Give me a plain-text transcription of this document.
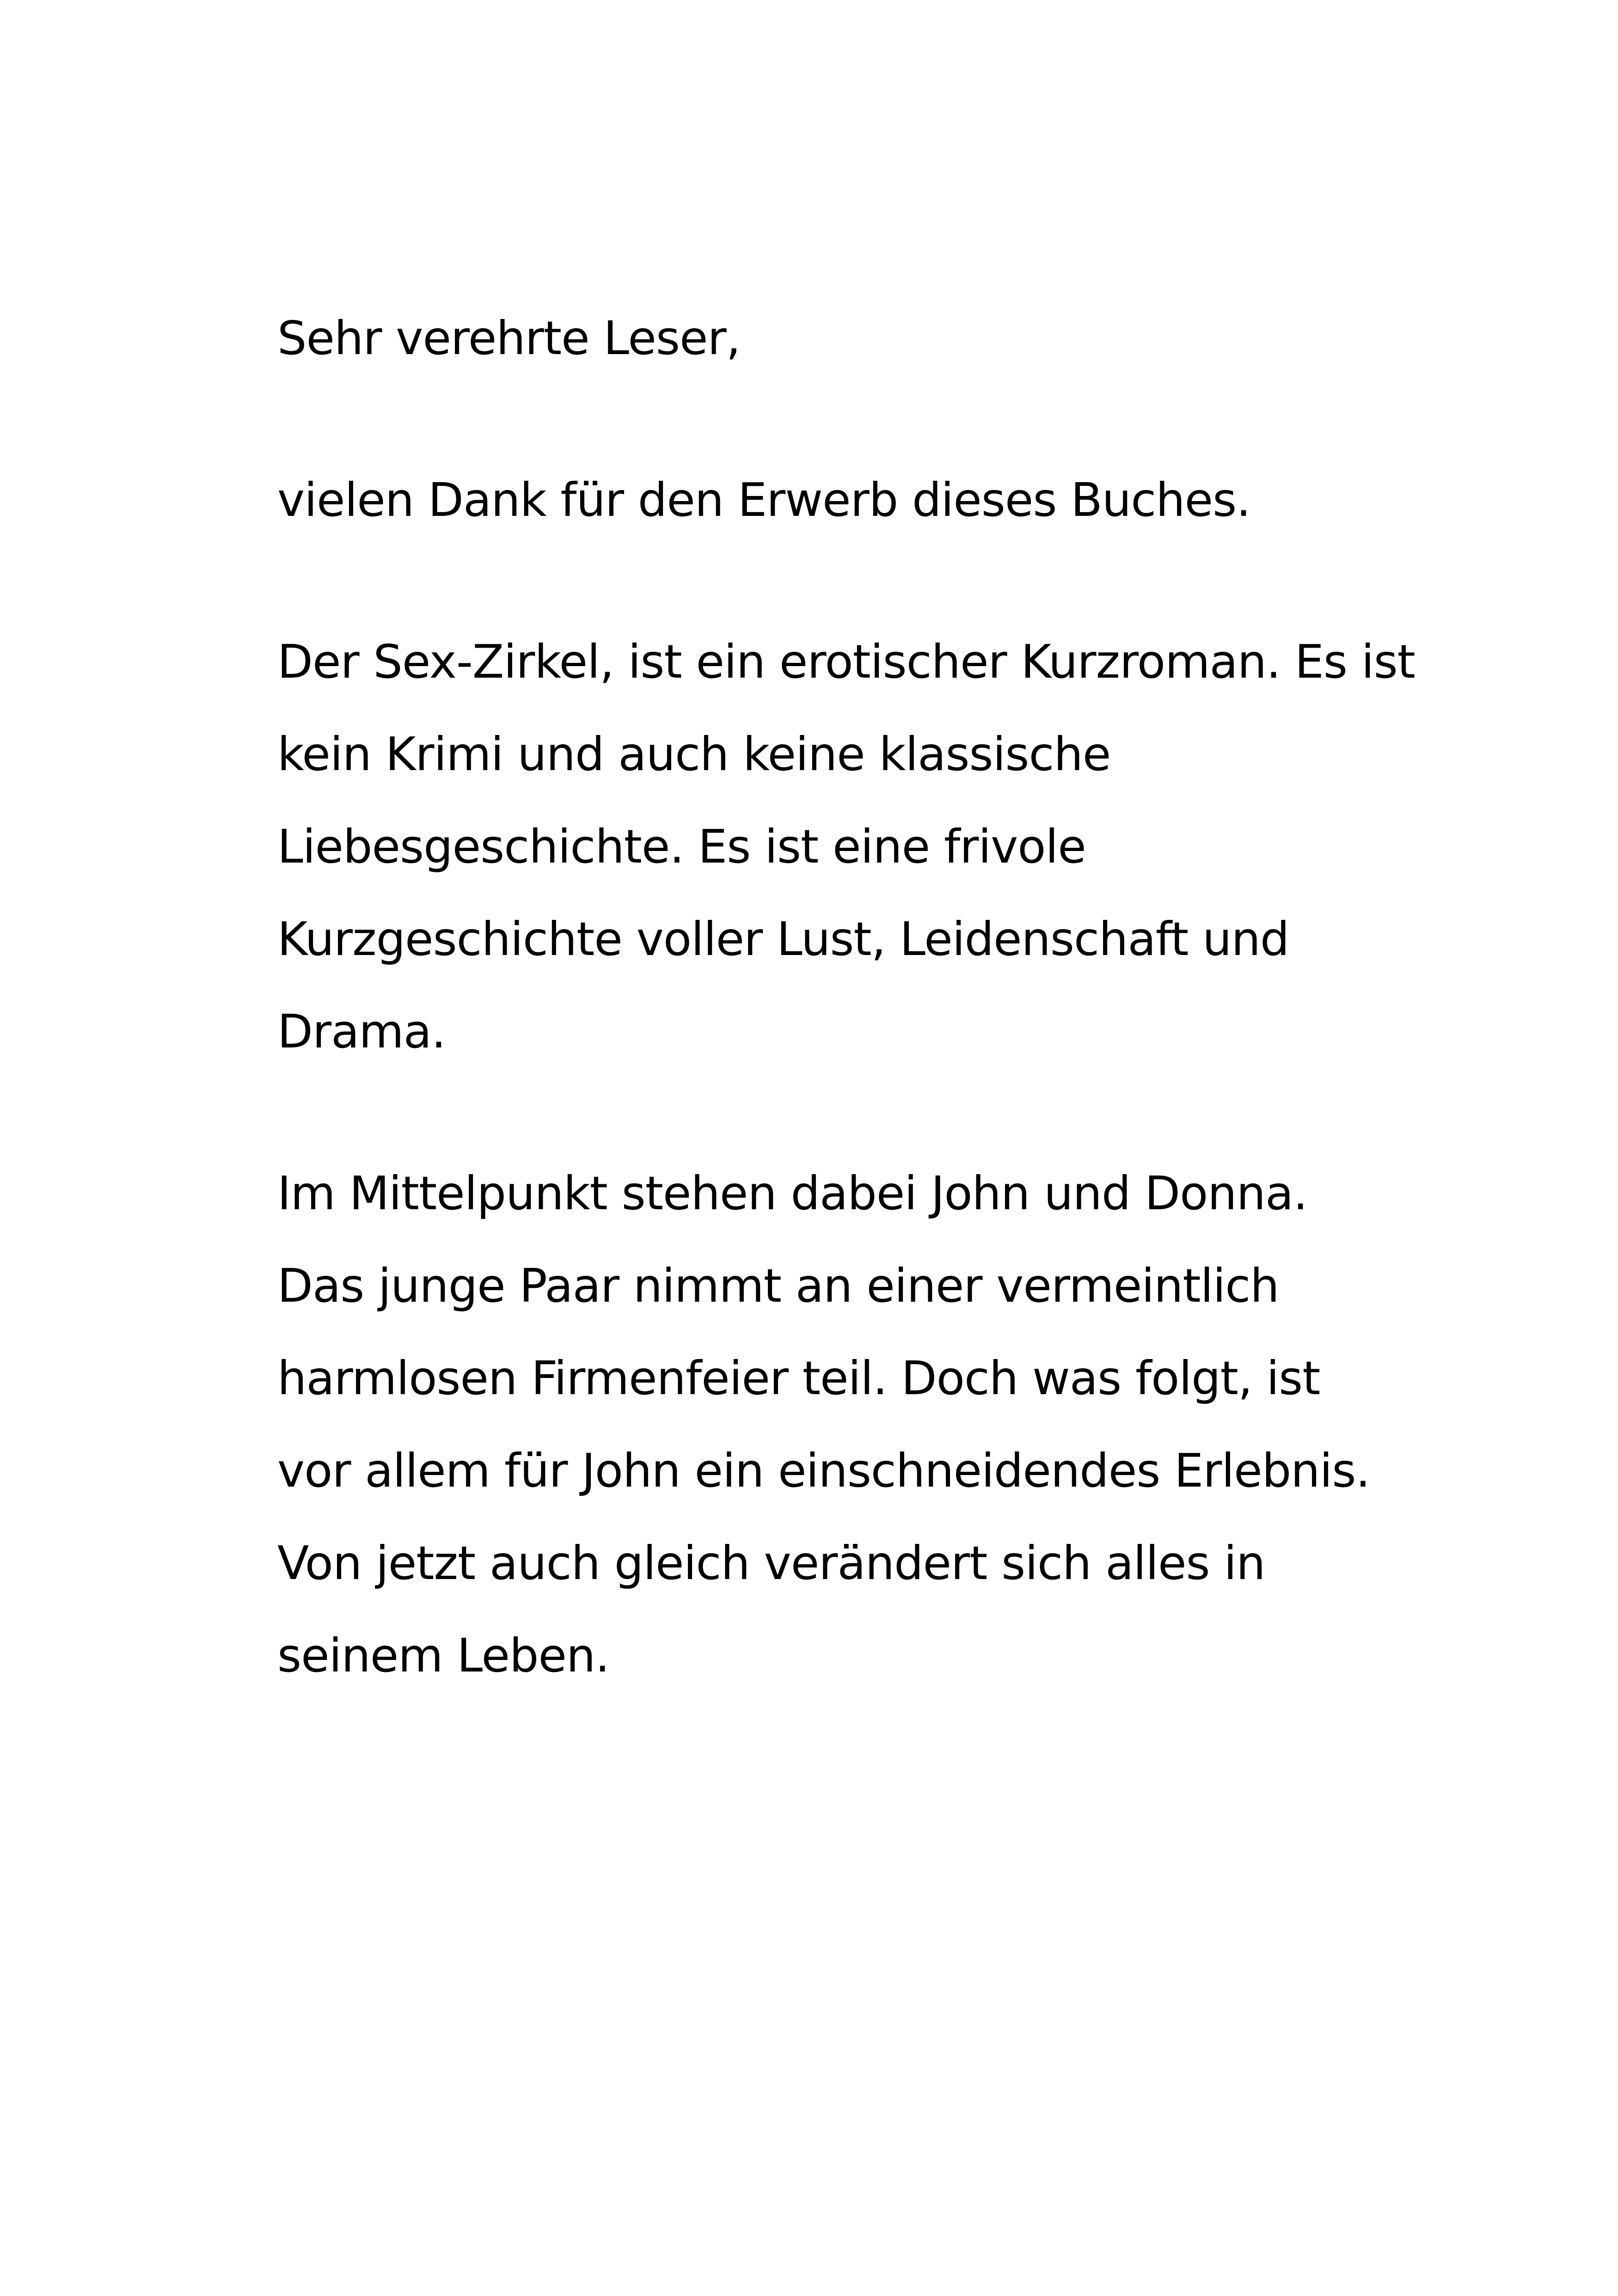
Sehr verehrte Leser,
vielen Dank für den Erwerb dieses Buches.
Der Sex-Zirkel, ist ein erotischer Kurzroman. Es ist
kein Krimi und auch keine klassische
Liebesgeschichte. Es ist eine frivole
Kurzgeschichte voller Lust, Leidenschaft und
Drama.
Im Mittelpunkt stehen dabei John und Donna.
Das junge Paar nimmt an einer vermeintlich
harmlosen Firmenfeier teil. Doch was folgt, ist
vor allem für John ein einschneidendes Erlebnis.
Von jetzt auch gleich verändert sich alles in
seinem Leben.
